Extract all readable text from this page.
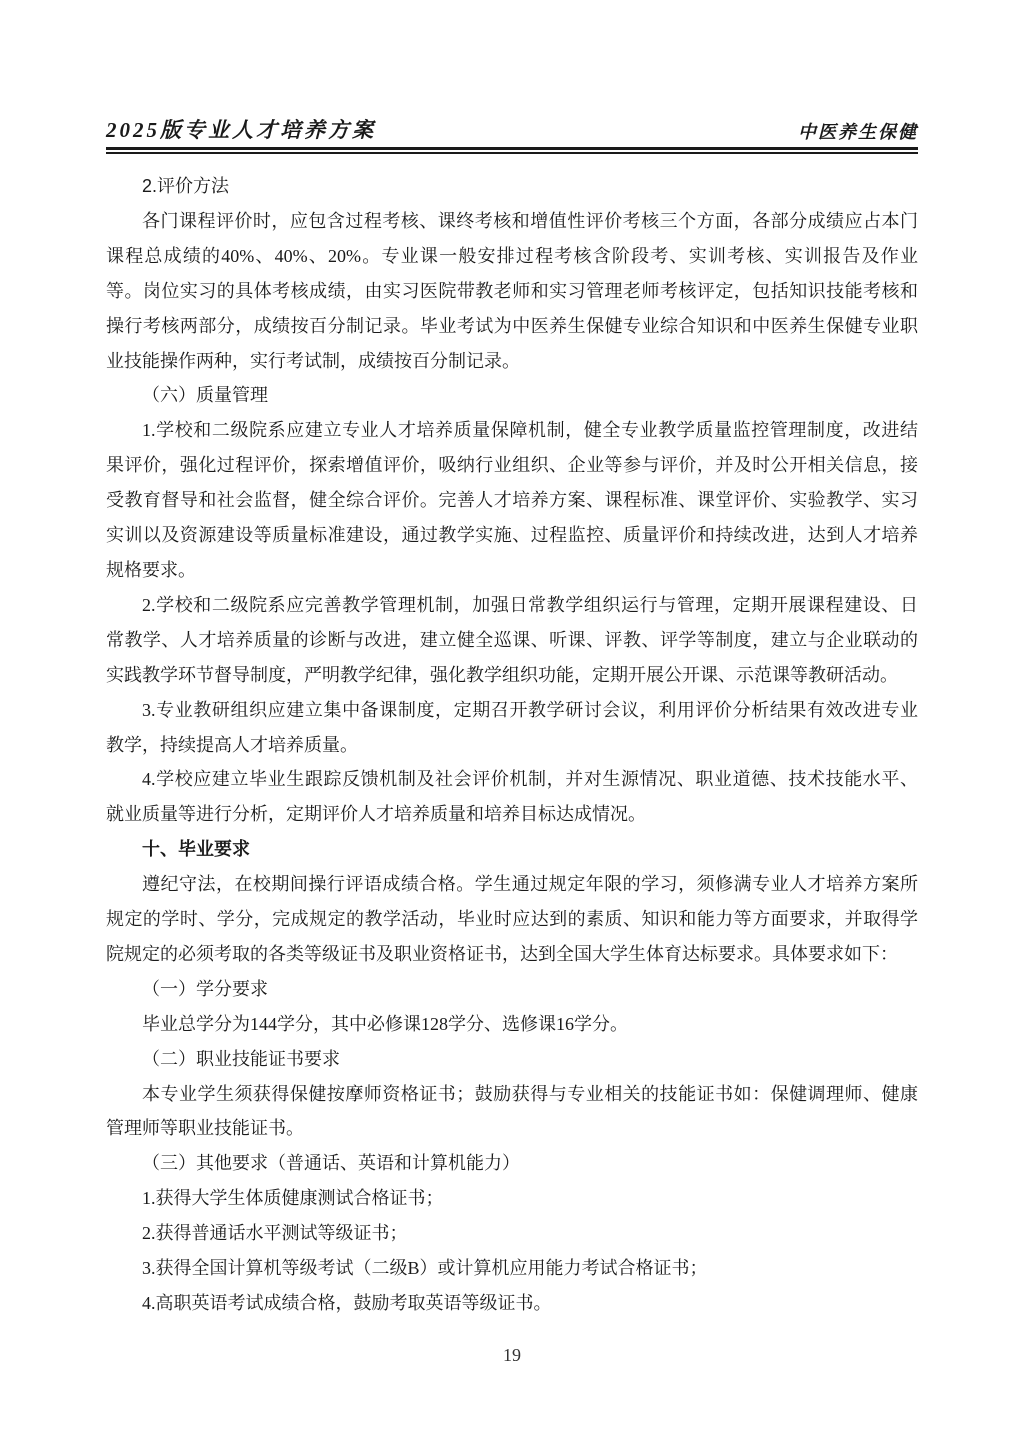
2025版专业人才培养方案	中医养生保健
2.评价方法
各门课程评价时，应包含过程考核、课终考核和增值性评价考核三个方面，各部分成绩应占本门
课程总成绩的40%、40%、20%。专业课一般安排过程考核含阶段考、实训考核、实训报告及作业
等。岗位实习的具体考核成绩，由实习医院带教老师和实习管理老师考核评定，包括知识技能考核和
操行考核两部分，成绩按百分制记录。毕业考试为中医养生保健专业综合知识和中医养生保健专业职
业技能操作两种，实行考试制，成绩按百分制记录。
（六）质量管理
1.学校和二级院系应建立专业人才培养质量保障机制，健全专业教学质量监控管理制度，改进结
果评价，强化过程评价，探索增值评价，吸纳行业组织、企业等参与评价，并及时公开相关信息，接
受教育督导和社会监督，健全综合评价。完善人才培养方案、课程标准、课堂评价、实验教学、实习
实训以及资源建设等质量标准建设，通过教学实施、过程监控、质量评价和持续改进，达到人才培养
规格要求。
2.学校和二级院系应完善教学管理机制，加强日常教学组织运行与管理，定期开展课程建设、日
常教学、人才培养质量的诊断与改进，建立健全巡课、听课、评教、评学等制度，建立与企业联动的
实践教学环节督导制度，严明教学纪律，强化教学组织功能，定期开展公开课、示范课等教研活动。
3.专业教研组织应建立集中备课制度，定期召开教学研讨会议，利用评价分析结果有效改进专业
教学，持续提高人才培养质量。
4.学校应建立毕业生跟踪反馈机制及社会评价机制，并对生源情况、职业道德、技术技能水平、
就业质量等进行分析，定期评价人才培养质量和培养目标达成情况。
十、毕业要求
遵纪守法，在校期间操行评语成绩合格。学生通过规定年限的学习，须修满专业人才培养方案所
规定的学时、学分，完成规定的教学活动，毕业时应达到的素质、知识和能力等方面要求，并取得学
院规定的必须考取的各类等级证书及职业资格证书，达到全国大学生体育达标要求。具体要求如下：
（一）学分要求
毕业总学分为144学分，其中必修课128学分、选修课16学分。
（二）职业技能证书要求
本专业学生须获得保健按摩师资格证书；鼓励获得与专业相关的技能证书如：保健调理师、健康
管理师等职业技能证书。
（三）其他要求（普通话、英语和计算机能力）
1.获得大学生体质健康测试合格证书；
2.获得普通话水平测试等级证书；
3.获得全国计算机等级考试（二级B）或计算机应用能力考试合格证书；
4.高职英语考试成绩合格，鼓励考取英语等级证书。
19
